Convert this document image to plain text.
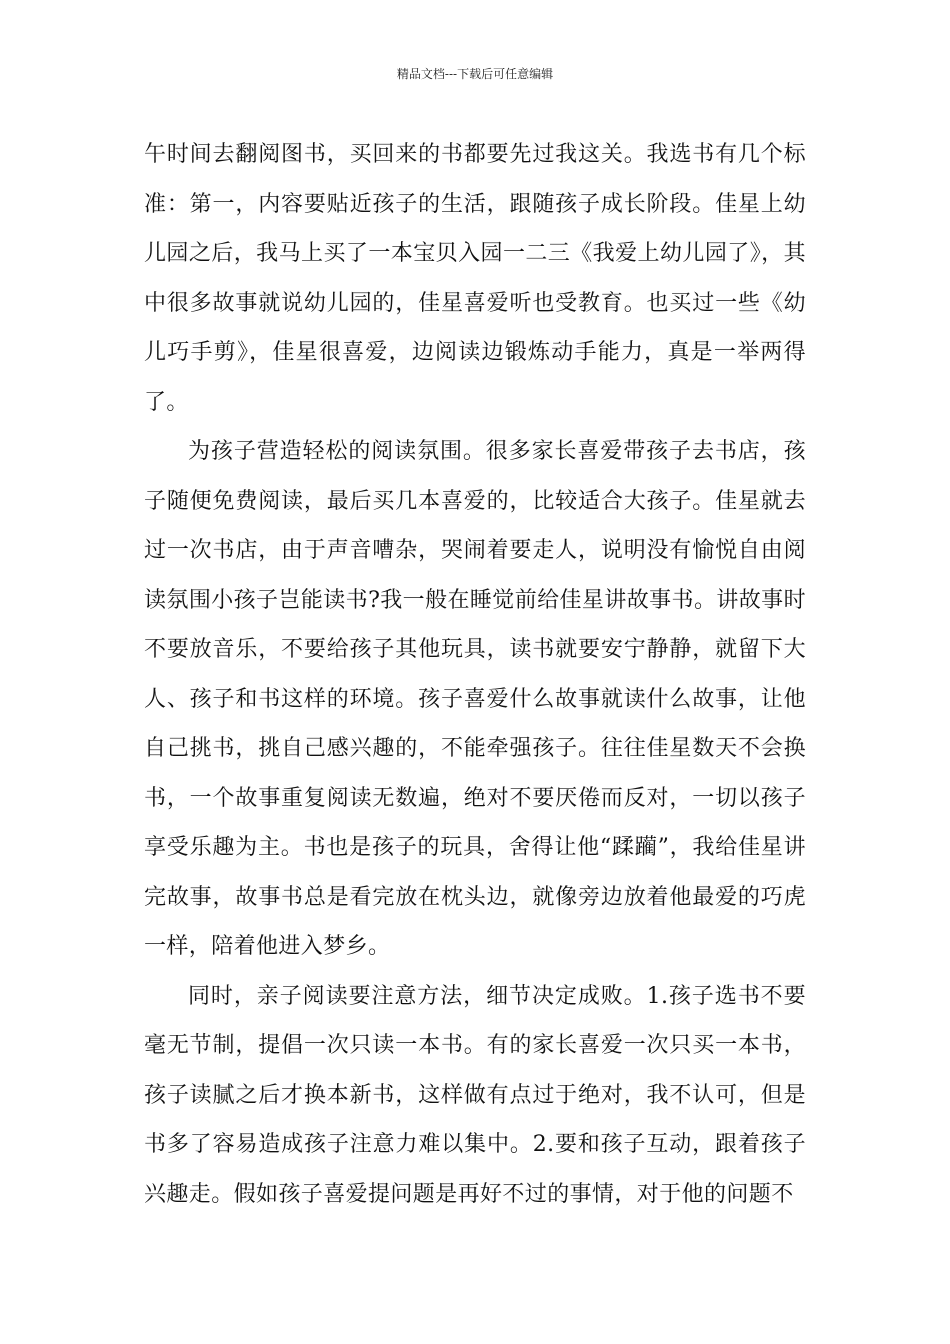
精品文档---下载后可任意编辑

午时间去翻阅图书，买回来的书都要先过我这关。我选书有几个标准：第一，内容要贴近孩子的生活，跟随孩子成长阶段。佳星上幼儿园之后，我马上买了一本宝贝入园一二三《我爱上幼儿园了》，其中很多故事就说幼儿园的，佳星喜爱听也受教育。也买过一些《幼儿巧手剪》，佳星很喜爱，边阅读边锻炼动手能力，真是一举两得了。

为孩子营造轻松的阅读氛围。很多家长喜爱带孩子去书店，孩子随便免费阅读，最后买几本喜爱的，比较适合大孩子。佳星就去过一次书店，由于声音嘈杂，哭闹着要走人，说明没有愉悦自由阅读氛围小孩子岂能读书?我一般在睡觉前给佳星讲故事书。讲故事时不要放音乐，不要给孩子其他玩具，读书就要安宁静静，就留下大人、孩子和书这样的环境。孩子喜爱什么故事就读什么故事，让他自己挑书，挑自己感兴趣的，不能牵强孩子。往往佳星数天不会换书，一个故事重复阅读无数遍，绝对不要厌倦而反对，一切以孩子享受乐趣为主。书也是孩子的玩具，舍得让他“蹂躏”，我给佳星讲完故事，故事书总是看完放在枕头边，就像旁边放着他最爱的巧虎一样，陪着他进入梦乡。

同时，亲子阅读要注意方法，细节决定成败。1.孩子选书不要毫无节制，提倡一次只读一本书。有的家长喜爱一次只买一本书，孩子读腻之后才换本新书，这样做有点过于绝对，我不认可，但是书多了容易造成孩子注意力难以集中。2.要和孩子互动，跟着孩子兴趣走。假如孩子喜爱提问题是再好不过的事情，对于他的问题不
